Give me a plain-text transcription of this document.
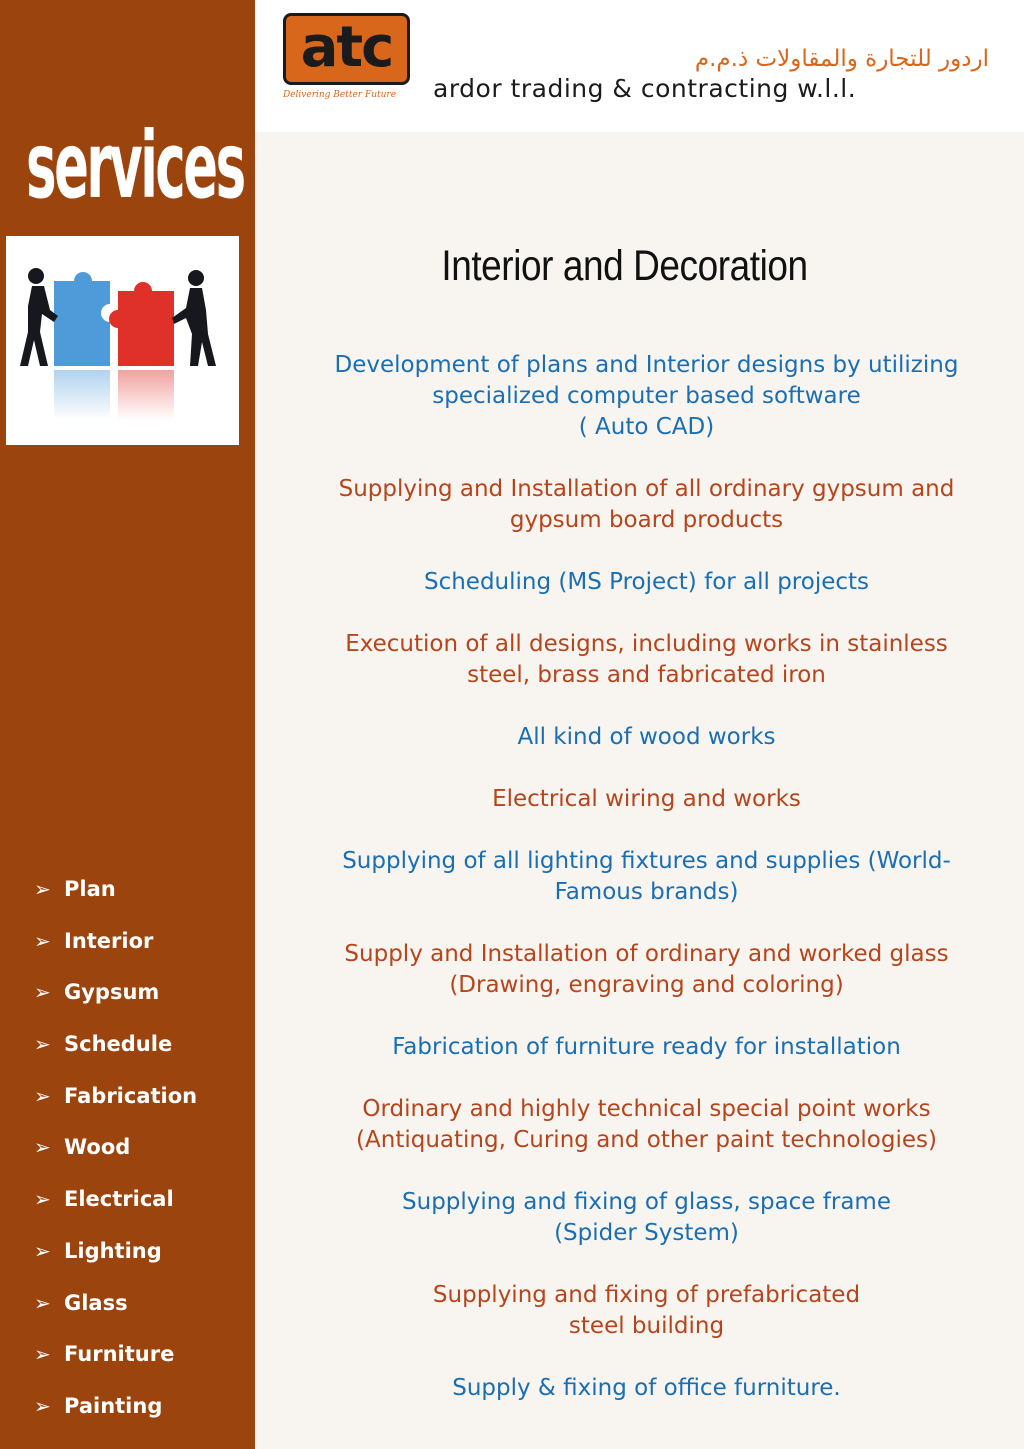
services
➢ Plan
➢ Interior
➢ Gypsum
➢ Schedule
➢ Fabrication
➢ Wood
➢ Electrical
➢ Lighting
➢ Glass
➢ Furniture
➢ Painting
atc
Delivering Better Future
اردور للتجارة والمقاولات ذ.م.م
ardor trading & contracting w.l.l.
Interior and Decoration
Development of plans and Interior designs by utilizing
specialized computer based software
( Auto CAD)
Supplying and Installation of all ordinary gypsum and
gypsum board products
Scheduling (MS Project) for all projects
Execution of all designs, including works in stainless
steel, brass and fabricated iron
All kind of wood works
Electrical wiring and works
Supplying of all lighting fixtures and supplies (World-
Famous brands)
Supply and Installation of ordinary and worked glass
(Drawing, engraving and coloring)
Fabrication of furniture ready for installation
Ordinary and highly technical special point works
(Antiquating, Curing and other paint technologies)
Supplying and fixing of glass, space frame
(Spider System)
Supplying and fixing of prefabricated
steel building
Supply & fixing of office furniture.
